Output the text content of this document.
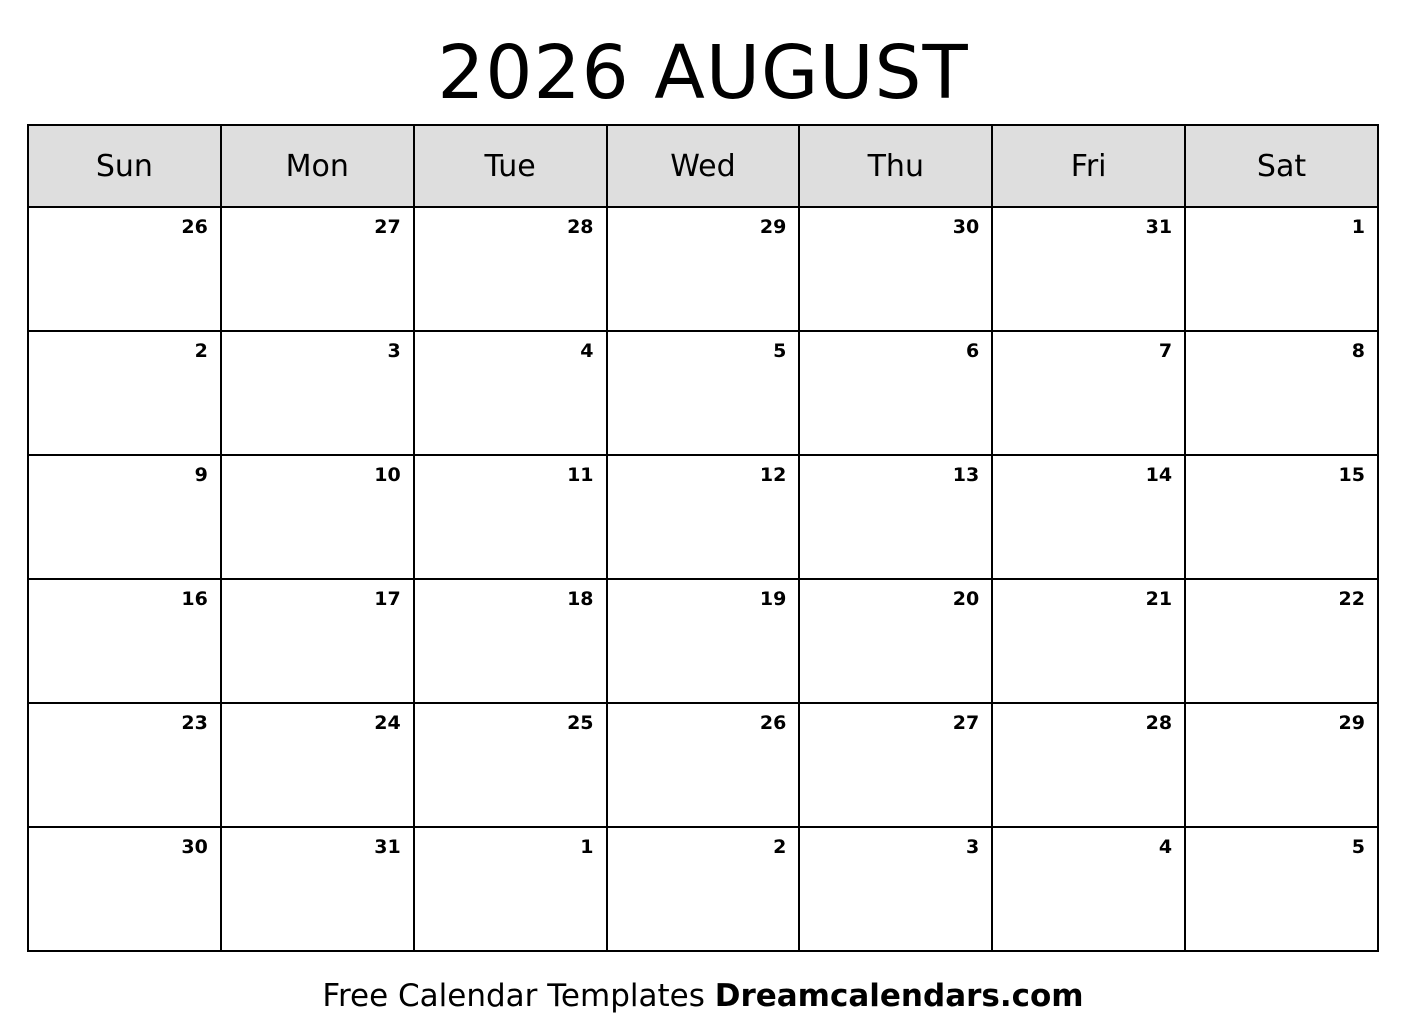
2026 AUGUST
Sun	Mon	Tue	Wed	Thu	Fri	Sat
26	27	28	29	30	31	1
2	3	4	5	6	7	8
9	10	11	12	13	14	15
16	17	18	19	20	21	22
23	24	25	26	27	28	29
30	31	1	2	3	4	5
Free Calendar Templates Dreamcalendars.com
